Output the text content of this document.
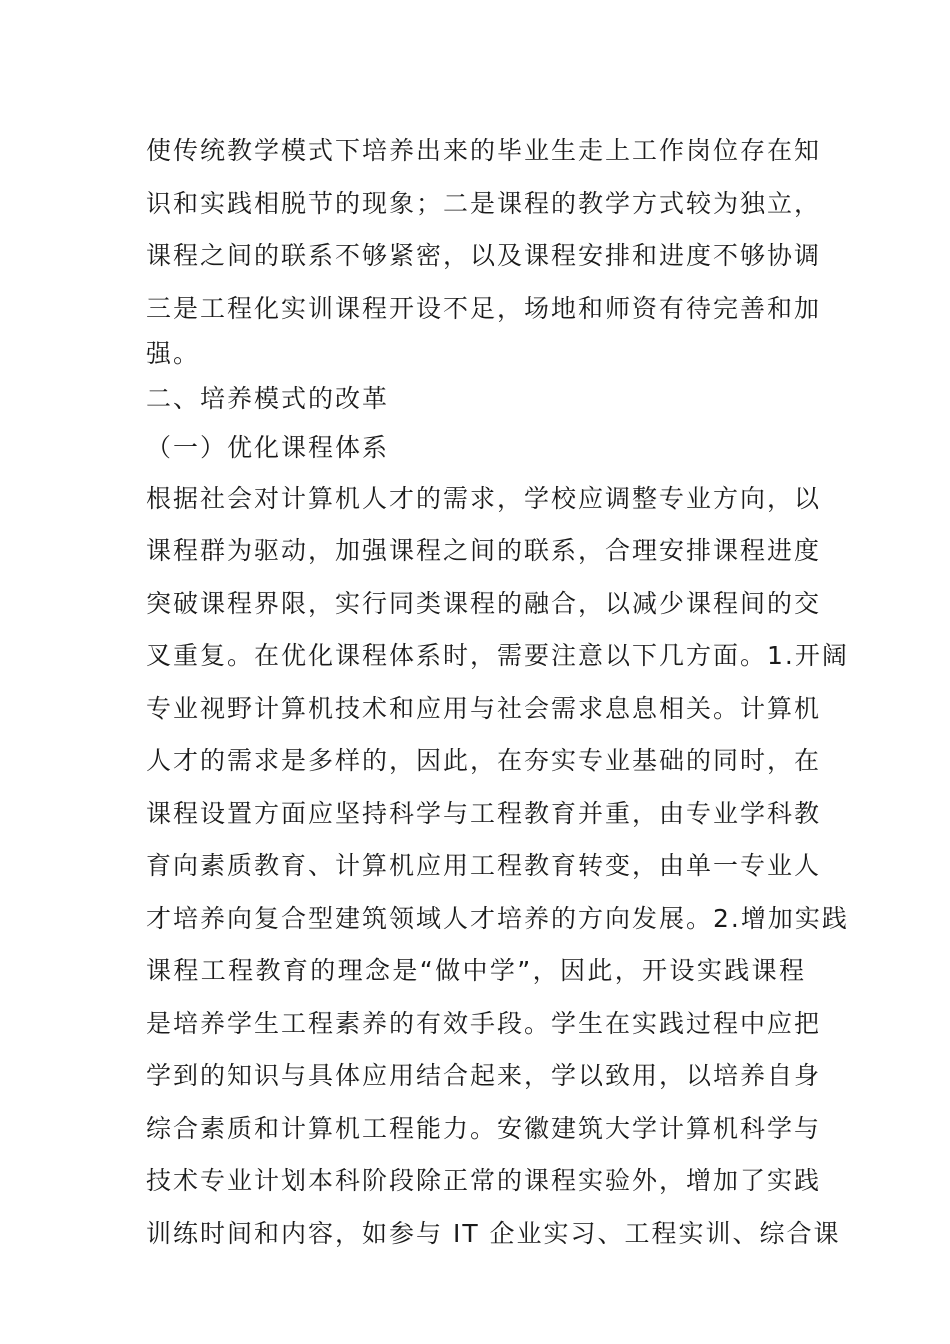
使传统教学模式下培养出来的毕业生走上工作岗位存在知
识和实践相脱节的现象；二是课程的教学方式较为独立，
课程之间的联系不够紧密，以及课程安排和进度不够协调
三是工程化实训课程开设不足，场地和师资有待完善和加
强。
二、培养模式的改革
（一）优化课程体系
根据社会对计算机人才的需求，学校应调整专业方向，以
课程群为驱动，加强课程之间的联系，合理安排课程进度
突破课程界限，实行同类课程的融合，以减少课程间的交
叉重复。在优化课程体系时，需要注意以下几方面。1.开阔
专业视野计算机技术和应用与社会需求息息相关。计算机
人才的需求是多样的，因此，在夯实专业基础的同时，在
课程设置方面应坚持科学与工程教育并重，由专业学科教
育向素质教育、计算机应用工程教育转变，由单一专业人
才培养向复合型建筑领域人才培养的方向发展。2.增加实践
课程工程教育的理念是“做中学”，因此，开设实践课程
是培养学生工程素养的有效手段。学生在实践过程中应把
学到的知识与具体应用结合起来，学以致用，以培养自身
综合素质和计算机工程能力。安徽建筑大学计算机科学与
技术专业计划本科阶段除正常的课程实验外，增加了实践
训练时间和内容，如参与 IT 企业实习、工程实训、综合课
